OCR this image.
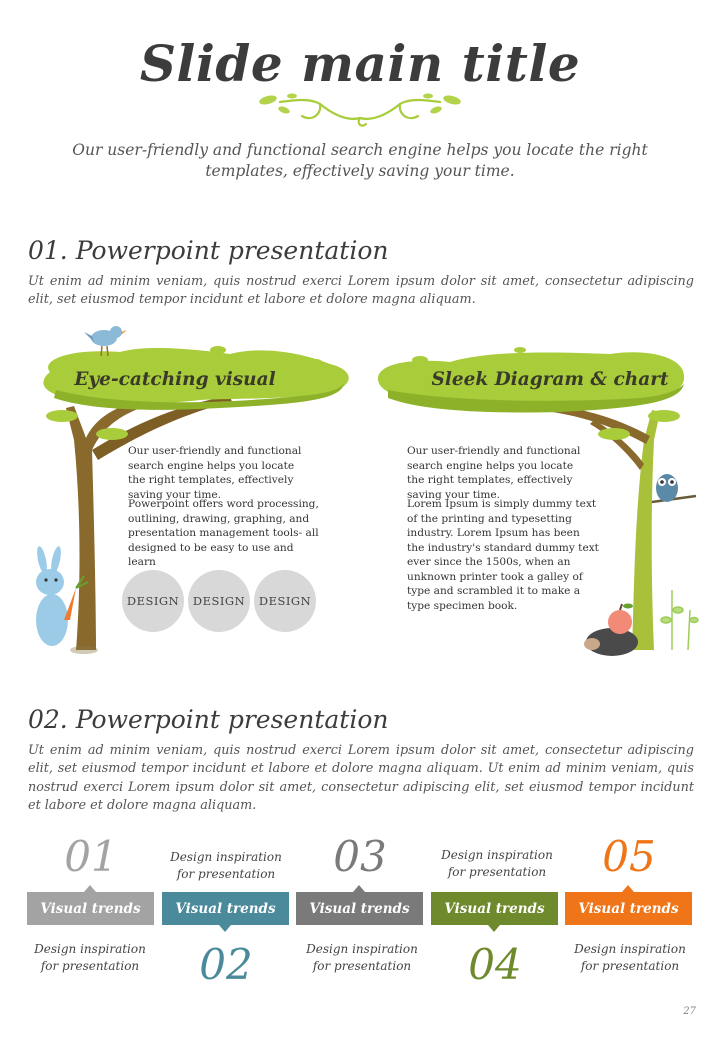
Slide main title
Our user-friendly and functional search engine helps you locate the right templates, effectively saving your time.
01. Powerpoint presentation
Ut enim ad minim veniam, quis nostrud exerci Lorem ipsum dolor sit amet, consectetur adipiscing elit, set eiusmod tempor incidunt et labore et dolore magna aliquam.
Eye-catching visual
Our user-friendly and functional search engine helps you locate the right templates, effectively saving your time.
Powerpoint offers word processing, outlining, drawing, graphing, and presentation management tools- all designed to be easy to use and learn
DESIGN	DESIGN	DESIGN
Sleek Diagram & chart
Our user-friendly and functional search engine helps you locate the right templates, effectively saving your time.
Lorem Ipsum is simply dummy text of the printing and typesetting industry. Lorem Ipsum has been the industry's standard dummy text ever since the 1500s, when an unknown printer took a galley of type and scrambled it to make a type specimen book.
02. Powerpoint presentation
Ut enim ad minim veniam, quis nostrud exerci Lorem ipsum dolor sit amet, consectetur adipiscing elit, set eiusmod tempor incidunt et labore et dolore magna aliquam. Ut enim ad minim veniam, quis nostrud exerci Lorem ipsum dolor sit amet, consectetur adipiscing elit, set eiusmod tempor incidunt et labore et dolore magna aliquam.
01
Visual trends
Design inspiration for presentation
Design inspiration for presentation
Visual trends
02
03
Visual trends
Design inspiration for presentation
Design inspiration for presentation
Visual trends
04
05
Visual trends
Design inspiration for presentation
27
